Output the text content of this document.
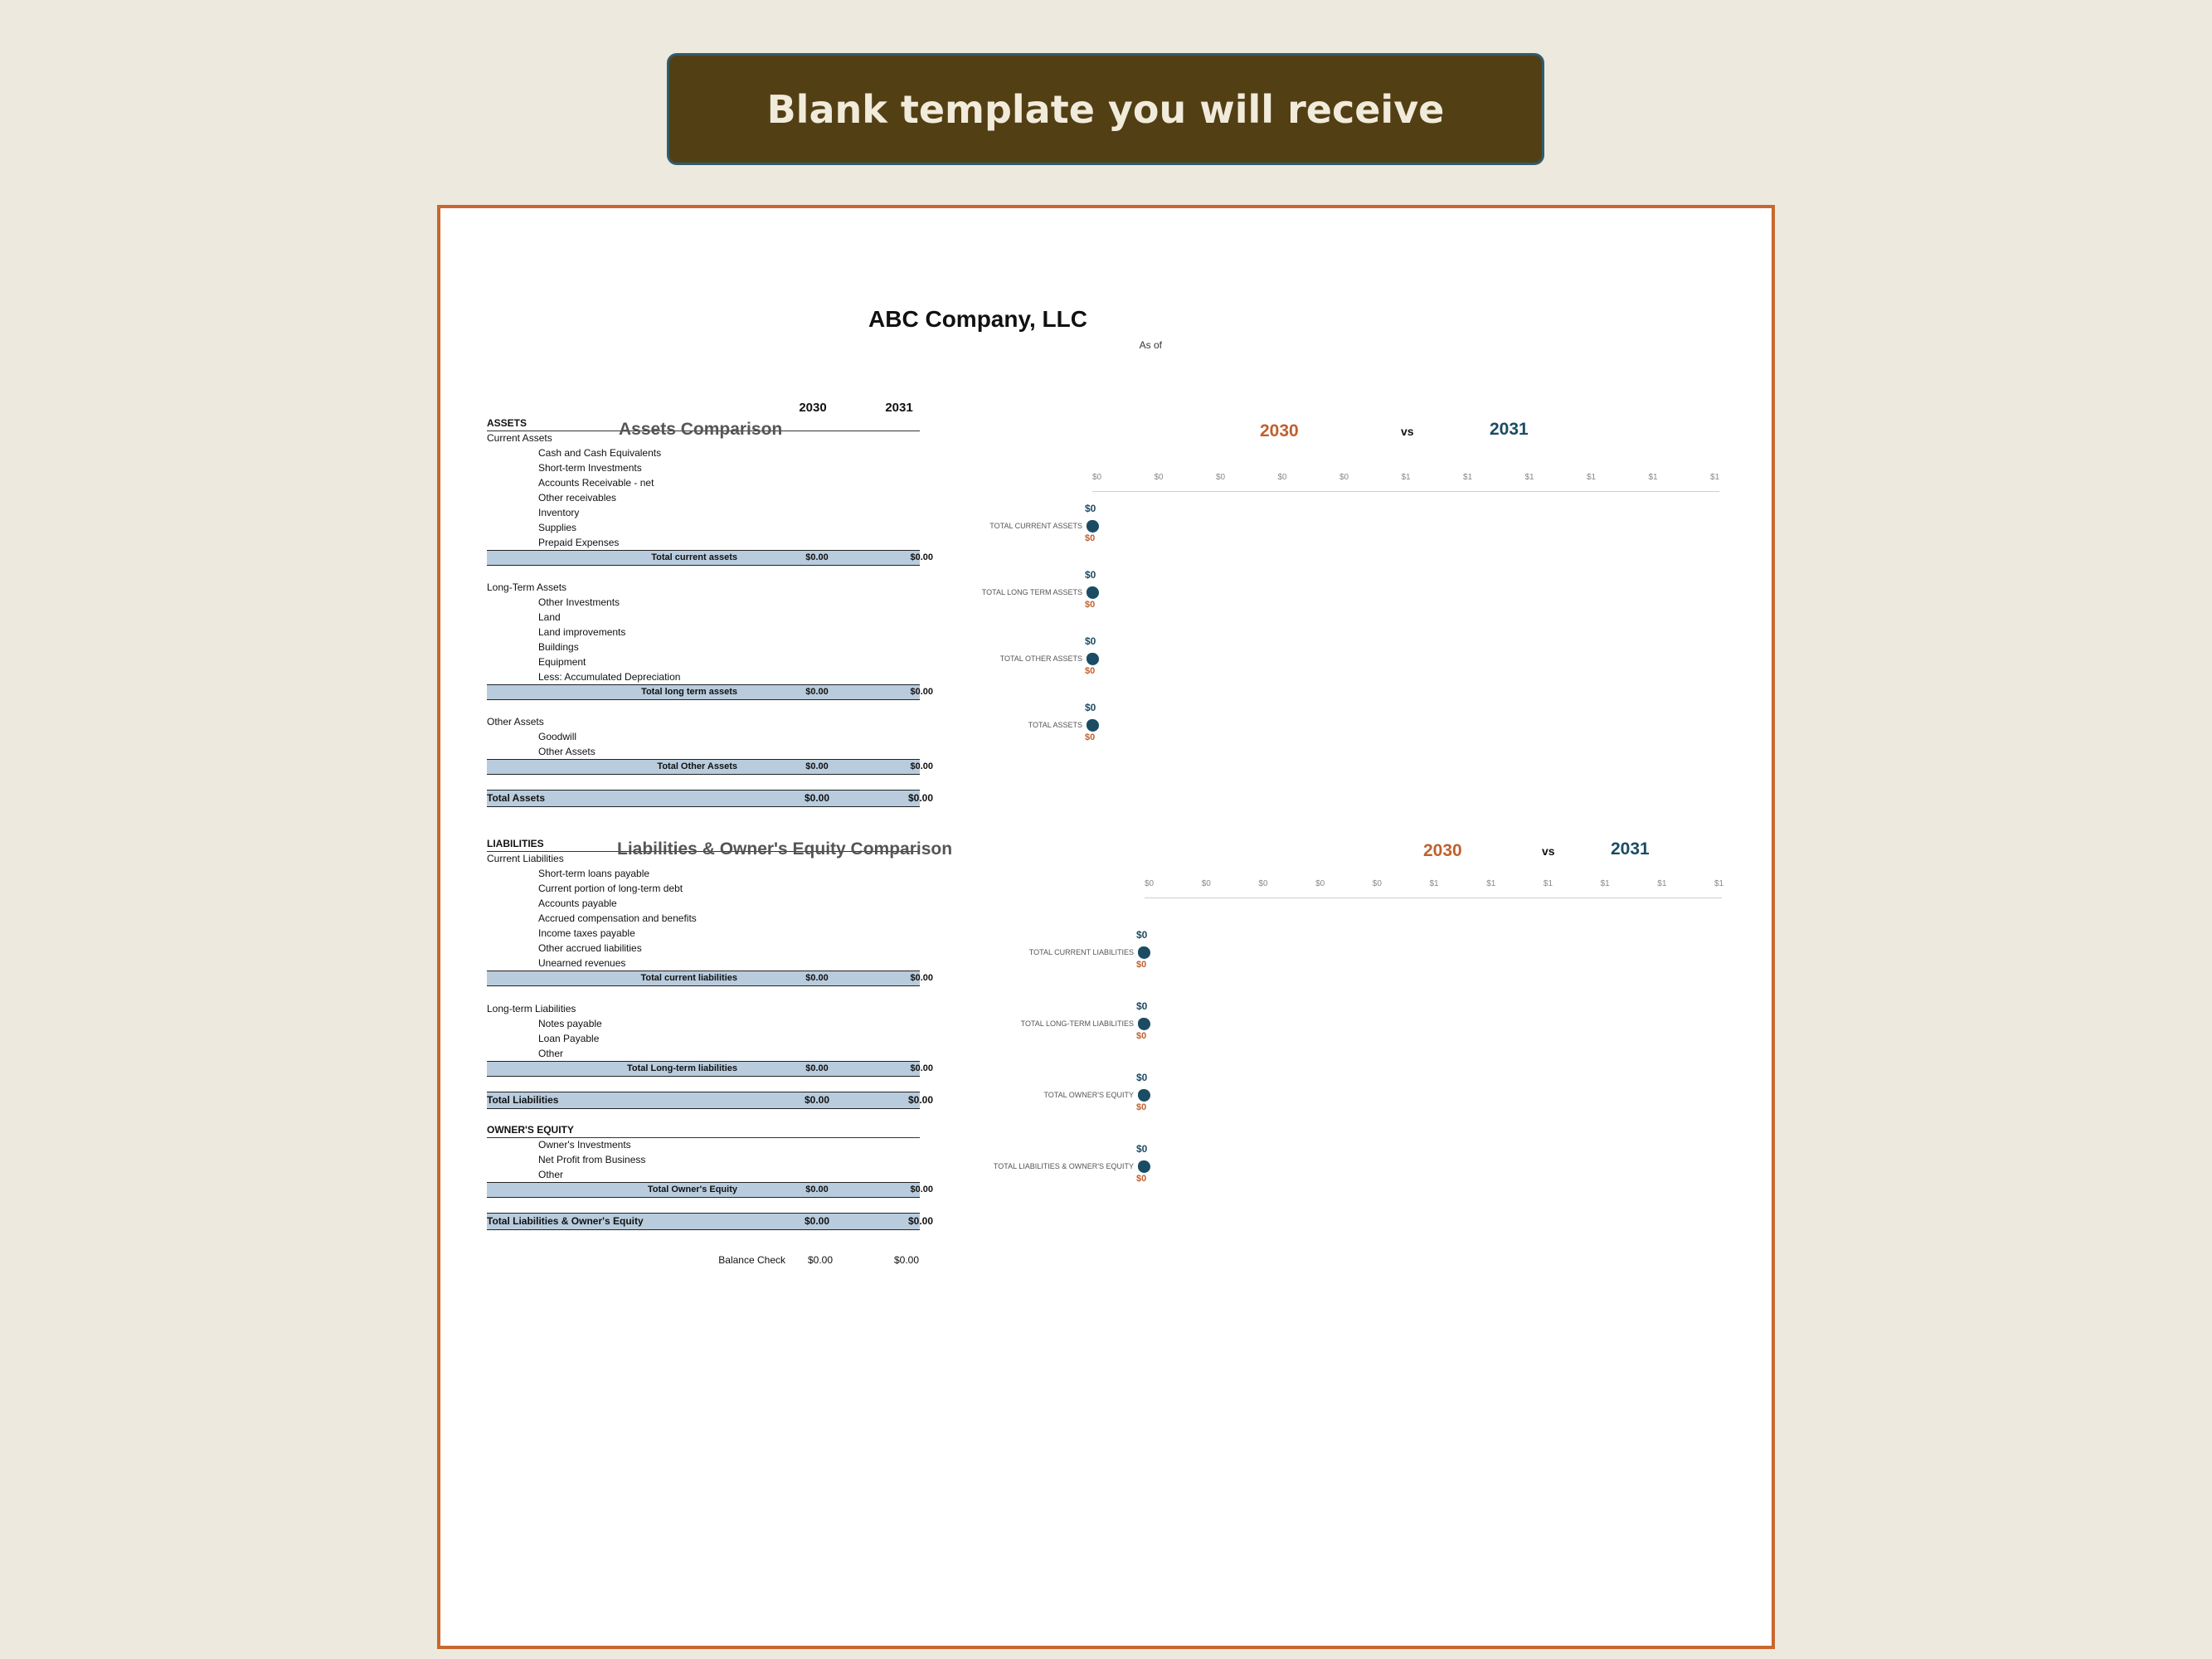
Blank template you will receive
ABC Company, LLC
As of
2030	2031
ASSETS
Current Assets
Cash and Cash Equivalents
Short-term Investments
Accounts Receivable - net
Other receivables
Inventory
Supplies
Prepaid Expenses
Total current assets	$0.00	$0.00
Long-Term Assets
Other Investments
Land
Land improvements
Buildings
Equipment
Less: Accumulated Depreciation
Total long term assets	$0.00	$0.00
Other Assets
Goodwill
Other Assets
Total Other Assets	$0.00	$0.00
Total Assets	$0.00	$0.00
LIABILITIES
Current Liabilities
Short-term loans payable
Current portion of long-term debt
Accounts payable
Accrued compensation and benefits
Income taxes payable
Other accrued liabilities
Unearned revenues
Total current liabilities	$0.00	$0.00
Long-term Liabilities
Notes payable
Loan Payable
Other
Total Long-term liabilities	$0.00	$0.00
Total Liabilities	$0.00	$0.00
OWNER'S EQUITY
Owner's Investments
Net Profit from Business
Other
Total Owner's Equity	$0.00	$0.00
Total Liabilities & Owner's Equity	$0.00	$0.00
Balance Check	$0.00	$0.00
Assets Comparison	2030	vs	2031
$0	$0	$0	$0	$0	$1	$1	$1	$1	$1	$1
TOTAL CURRENT ASSETS
$0
$0
TOTAL LONG TERM ASSETS
$0
$0
TOTAL OTHER ASSETS
$0
$0
TOTAL ASSETS
$0
$0
Liabilities & Owner's Equity Comparison	2030	vs	2031
$0	$0	$0	$0	$0	$1	$1	$1	$1	$1	$1
TOTAL CURRENT LIABILITIES
$0
$0
TOTAL LONG-TERM LIABILITIES
$0
$0
TOTAL OWNER'S EQUITY
$0
$0
TOTAL LIABILITIES & OWNER'S EQUITY
$0
$0
